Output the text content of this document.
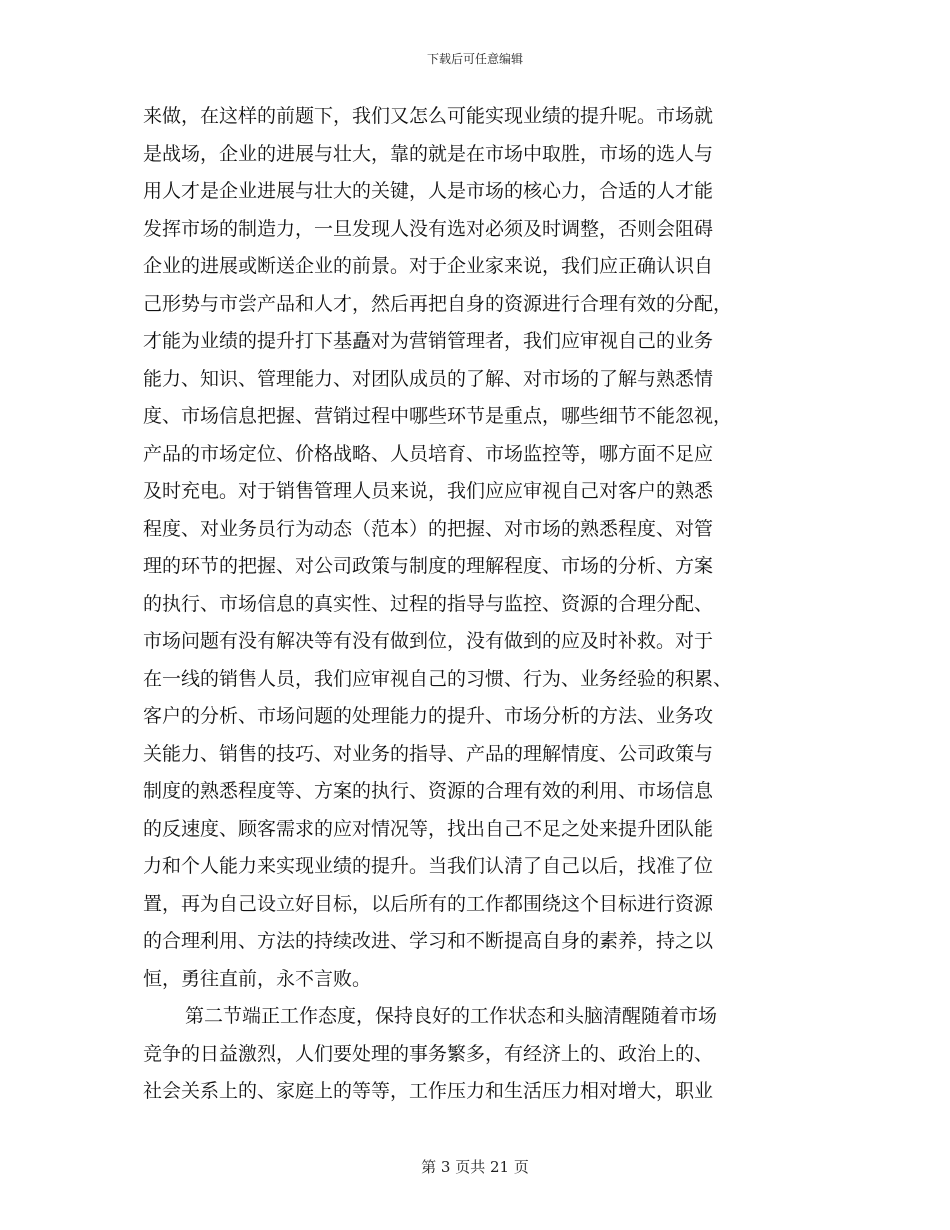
下载后可任意编辑
来做，在这样的前题下，我们又怎么可能实现业绩的提升呢。市场就
是战场，企业的进展与壮大，靠的就是在市场中取胜，市场的选人与
用人才是企业进展与壮大的关键，人是市场的核心力，合适的人才能
发挥市场的制造力，一旦发现人没有选对必须及时调整，否则会阻碍
企业的进展或断送企业的前景。对于企业家来说，我们应正确认识自
己形势与市尝产品和人才，然后再把自身的资源进行合理有效的分配，
才能为业绩的提升打下基矗对为营销管理者，我们应审视自己的业务
能力、知识、管理能力、对团队成员的了解、对市场的了解与熟悉情
度、市场信息把握、营销过程中哪些环节是重点，哪些细节不能忽视，
产品的市场定位、价格战略、人员培育、市场监控等，哪方面不足应
及时充电。对于销售管理人员来说，我们应应审视自己对客户的熟悉
程度、对业务员行为动态（范本）的把握、对市场的熟悉程度、对管
理的环节的把握、对公司政策与制度的理解程度、市场的分析、方案
的执行、市场信息的真实性、过程的指导与监控、资源的合理分配、
市场问题有没有解决等有没有做到位，没有做到的应及时补救。对于
在一线的销售人员，我们应审视自己的习惯、行为、业务经验的积累、
客户的分析、市场问题的处理能力的提升、市场分析的方法、业务攻
关能力、销售的技巧、对业务的指导、产品的理解情度、公司政策与
制度的熟悉程度等、方案的执行、资源的合理有效的利用、市场信息
的反速度、顾客需求的应对情况等，找出自己不足之处来提升团队能
力和个人能力来实现业绩的提升。当我们认清了自己以后，找准了位
置，再为自己设立好目标，以后所有的工作都围绕这个目标进行资源
的合理利用、方法的持续改进、学习和不断提高自身的素养，持之以
恒，勇往直前，永不言败。
第二节端正工作态度，保持良好的工作状态和头脑清醒随着市场
竞争的日益激烈，人们要处理的事务繁多，有经济上的、政治上的、
社会关系上的、家庭上的等等，工作压力和生活压力相对增大，职业
第 3 页共 21 页
